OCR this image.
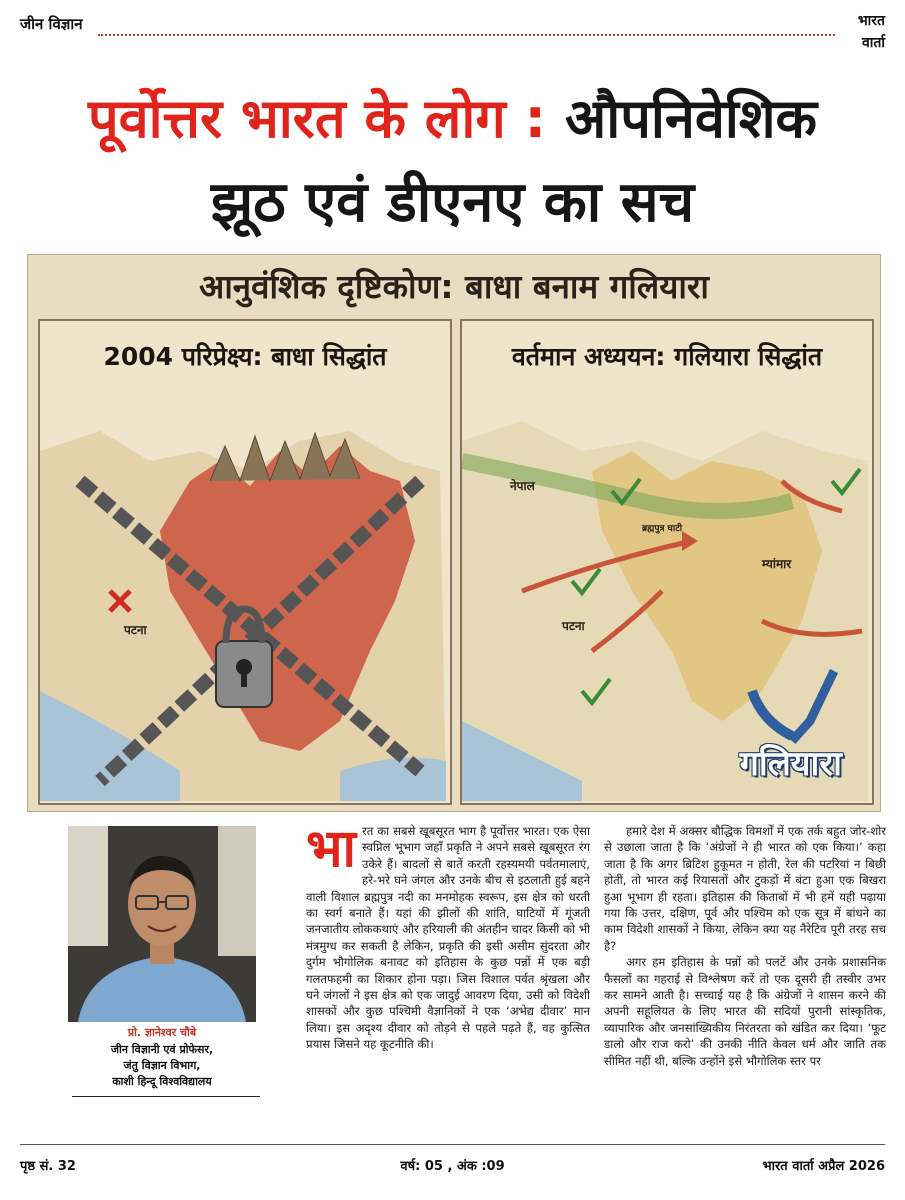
जीन विज्ञान	भारत
वार्ता
पूर्वोत्तर भारत के लोग : औपनिवेशिक
झूठ एवं डीएनए का सच
आनुवंशिक दृष्टिकोण: बाधा बनाम गलियारा
2004 परिप्रेक्ष्य: बाधा सिद्धांत
पटना
वर्तमान अध्ययन: गलियारा सिद्धांत
नेपाल
ब्रह्मपुत्र घाटी
म्यांमार
पटना
गलियारा
प्रो. ज्ञानेश्वर चौबे
जीन विज्ञानी एवं प्रोफेसर,
जंतु विज्ञान विभाग,
काशी हिन्दू विश्वविद्यालय
भा रत का सबसे खूबसूरत भाग है पूर्वोत्तर भारत। एक ऐसा स्वप्निल भूभाग जहाँ प्रकृति ने अपने सबसे खूबसूरत रंग उकेरे हैं। बादलों से बातें करती रहस्यमयी पर्वतमालाएं, हरे-भरे घने जंगल और उनके बीच से इठलाती हुई बहने वाली विशाल ब्रह्मपुत्र नदी का मनमोहक स्वरूप, इस क्षेत्र को धरती का स्वर्ग बनाते हैं। यहां की झीलों की शांति, घाटियों में गूंजती जनजातीय लोककथाएं और हरियाली की अंतहीन चादर किसी को भी मंत्रमुग्ध कर सकती है लेकिन, प्रकृति की इसी असीम सुंदरता और दुर्गम भौगोलिक बनावट को इतिहास के कुछ पन्नों में एक बड़ी गलतफहमी का शिकार होना पड़ा। जिस विशाल पर्वत श्रृंखला और घने जंगलों ने इस क्षेत्र को एक जादुई आवरण दिया, उसी को विदेशी शासकों और कुछ पश्चिमी वैज्ञानिकों ने एक ‘अभेद्य दीवार’ मान लिया। इस अदृश्य दीवार को तोड़ने से पहले पढ़ते हैं, वह कुत्सित प्रयास जिसने यह कूटनीति की।

हमारे देश में अक्सर बौद्धिक विमर्शों में एक तर्क बहुत जोर-शोर से उछाला जाता है कि ‘अंग्रेजों ने ही भारत को एक किया।’ कहा जाता है कि अगर ब्रिटिश हुकूमत न होती, रेल की पटरियां न बिछी होतीं, तो भारत कई रियासतों और टुकड़ों में बंटा हुआ एक बिखरा हुआ भूभाग ही रहता। इतिहास की किताबों में भी हमें यही पढ़ाया गया कि उत्तर, दक्षिण, पूर्व और पश्चिम को एक सूत्र में बांधने का काम विदेशी शासकों ने किया, लेकिन क्या यह नैरेटिव पूरी तरह सच है?

अगर हम इतिहास के पन्नों को पलटें और उनके प्रशासनिक फैसलों का गहराई से विश्लेषण करें तो एक दूसरी ही तस्वीर उभर कर सामने आती है। सच्चाई यह है कि अंग्रेजों ने शासन करने की अपनी सहूलियत के लिए भारत की सदियों पुरानी सांस्कृतिक, व्यापारिक और जनसांख्यिकीय निरंतरता को खंडित कर दिया। ‘फूट डालो और राज करो’ की उनकी नीति केवल धर्म और जाति तक सीमित नहीं थी, बल्कि उन्होंने इसे भौगोलिक स्तर पर

पृष्ठ सं. 32	वर्ष: 05 , अंक :09	भारत वार्ता अप्रैल 2026
